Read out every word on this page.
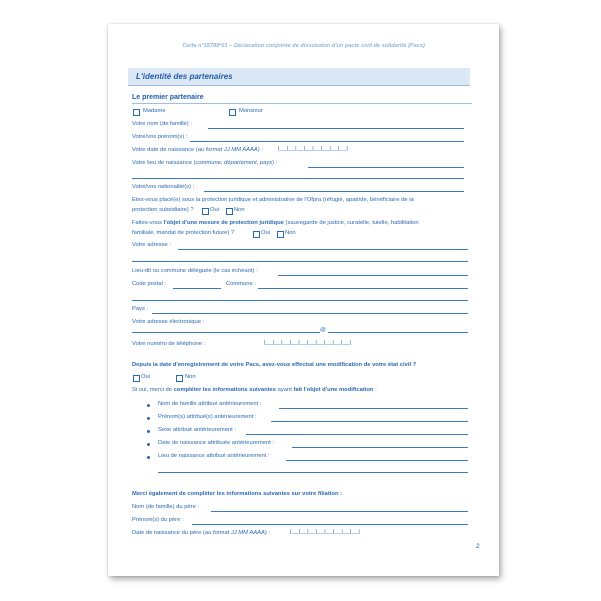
Cerfa n°15789*01 – Déclaration conjointe de dissolution d'un pacte civil de solidarité (Pacs)
L'identité des partenaires
Le premier partenaire
Madame	Monsieur
Votre nom (de famille) :
Votre/vos prénom(s) :
Votre date de naissance (au format JJ MM AAAA) :	|__|__|__|__|__|__|__|__|
Votre lieu de naissance (commune, département, pays) :
Votre/vos nationalité(s) :
Etes-vous placé(e) sous la protection juridique et administrative de l'Ofpra (réfugié, apatride, bénéficiaire de la
protection subsidiaire) ?	Oui	Non
Faites-vous l'objet d'une mesure de protection juridique (sauvegarde de justice, curatelle, tutelle, habilitation
familiale, mandat de protection future) ?	Oui	Non
Votre adresse :
Lieu-dit ou commune déléguée (le cas échéant) :
Code postal :	Commune :
Pays :
Votre adresse électronique :
@
Votre numéro de téléphone :	|__|__|__|__|__|__|__|__|__|__|
Depuis la date d'enregistrement de votre Pacs, avez-vous effectué une modification de votre état civil ?
Oui	Non
Si oui, merci de compléter les informations suivantes ayant fait l'objet d'une modification :
Nom de famille attribué antérieurement :
Prénom(s) attribué(s) antérieurement :
Sexe attribué antérieurement :
Date de naissance attribuée antérieurement :
Lieu de naissance attribué antérieurement :
Merci également de compléter les informations suivantes sur votre filiation :
Nom (de famille) du père :
Prénom(s) du père :
Date de naissance du père (au format JJ MM AAAA) :	|__|__|__|__|__|__|__|__|
2
